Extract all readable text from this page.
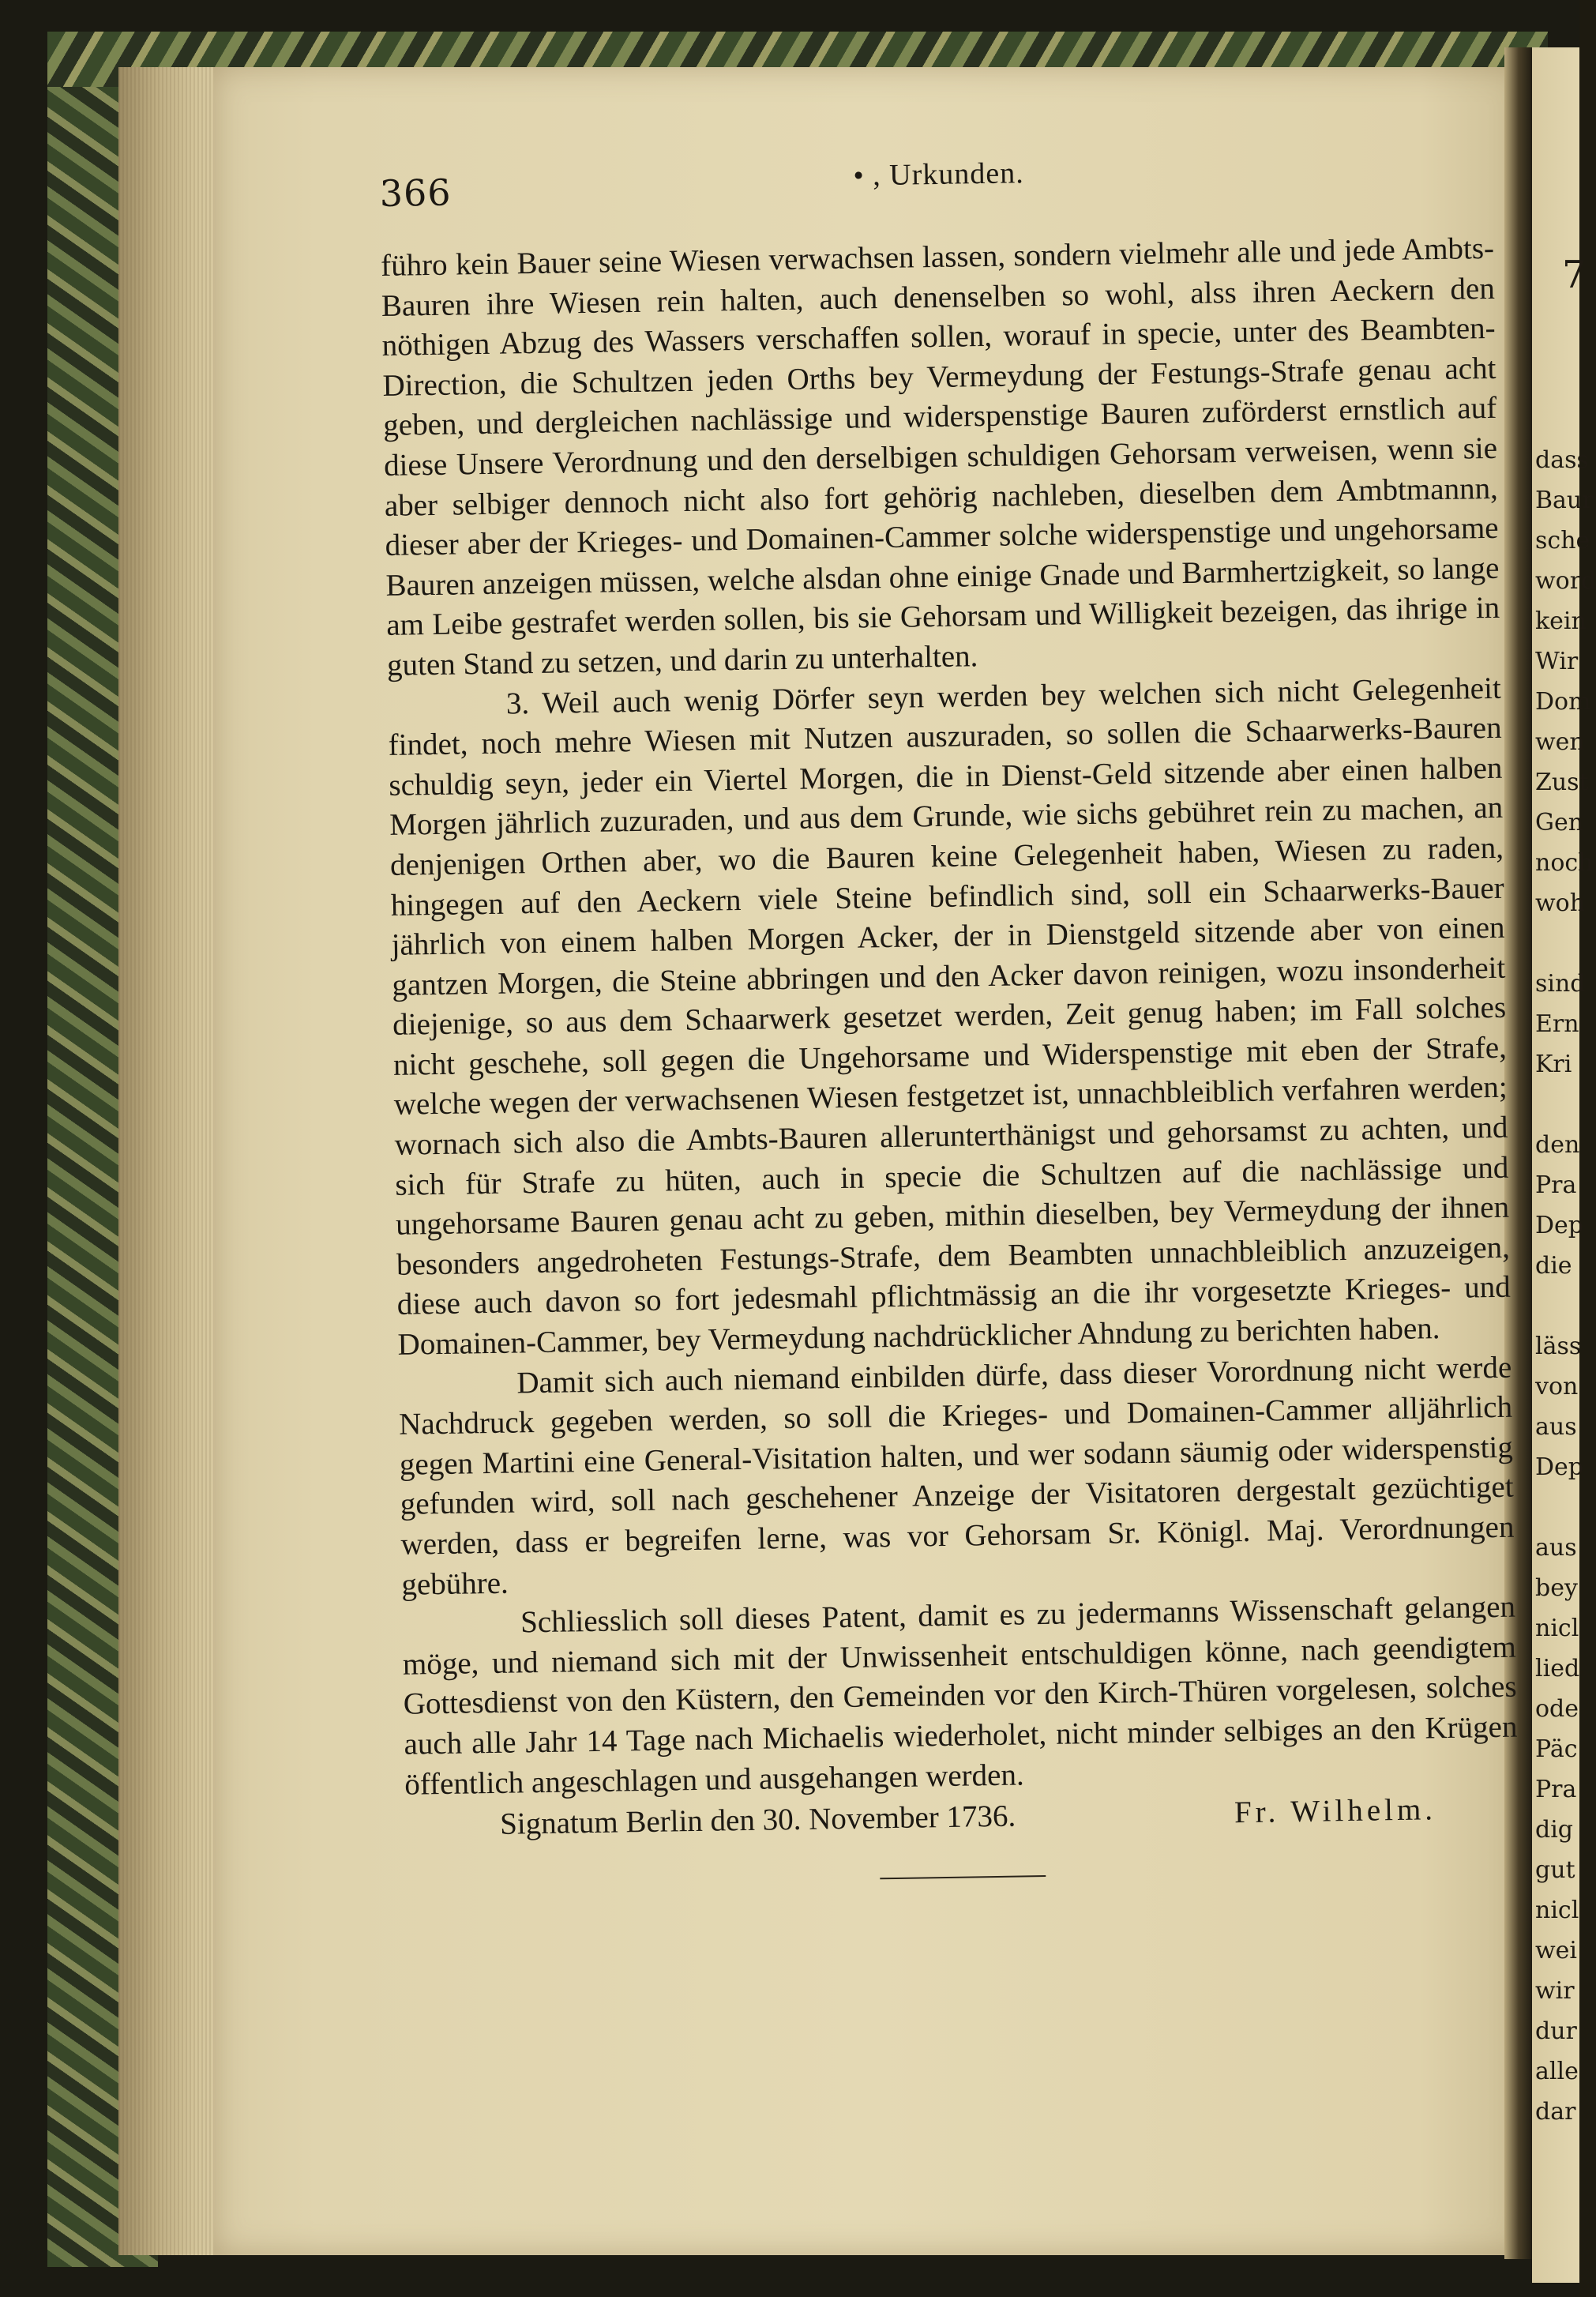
7
dass
Baur
sche
word
kein
Wir
Dom
wen
Zust
Gen
noch
woh
sind
Ern
Kri
den
Pra
Dep
die
läss
von
aus
Dep
aus
bey
nicl
lied
ode
Päc
Pra
dig
gut
nicl
wei
wir
dur
alle
dar
366	• , Urkunden.

führo kein Bauer seine Wiesen verwachsen lassen, sondern vielmehr alle und jede Ambts-Bauren ihre Wiesen rein halten, auch denenselben so wohl, alss ihren Aeckern den nöthigen Abzug des Wassers verschaffen sollen, worauf in specie, unter des Beambten-Direction, die Schultzen jeden Orths bey Vermeydung der Festungs-Strafe genau acht geben, und dergleichen nachlässige und widerspenstige Bauren zuförderst ernstlich auf diese Unsere Verordnung und den derselbigen schuldigen Gehorsam verweisen, wenn sie aber selbiger dennoch nicht also fort gehörig nachleben, dieselben dem Ambtmannn, dieser aber der Krieges- und Domainen-Cammer solche widerspenstige und ungehorsame Bauren anzeigen müssen, welche alsdan ohne einige Gnade und Barmhertzigkeit, so lange am Leibe gestrafet werden sollen, bis sie Gehorsam und Willigkeit bezeigen, das ihrige in guten Stand zu setzen, und darin zu unterhalten.

3. Weil auch wenig Dörfer seyn werden bey welchen sich nicht Gelegenheit findet, noch mehre Wiesen mit Nutzen auszuraden, so sollen die Schaarwerks-Bauren schuldig seyn, jeder ein Viertel Morgen, die in Dienst-Geld sitzende aber einen halben Morgen jährlich zuzuraden, und aus dem Grunde, wie sichs gebühret rein zu machen, an denjenigen Orthen aber, wo die Bauren keine Gelegenheit haben, Wiesen zu raden, hingegen auf den Aeckern viele Steine befindlich sind, soll ein Schaarwerks-Bauer jährlich von einem halben Morgen Acker, der in Dienstgeld sitzende aber von einen gantzen Morgen, die Steine abbringen und den Acker davon reinigen, wozu insonderheit diejenige, so aus dem Schaarwerk gesetzet werden, Zeit genug haben; im Fall solches nicht geschehe, soll gegen die Ungehorsame und Widerspenstige mit eben der Strafe, welche wegen der verwachsenen Wiesen festgetzet ist, unnachbleiblich verfahren werden; wornach sich also die Ambts-Bauren allerunterthänigst und gehorsamst zu achten, und sich für Strafe zu hüten, auch in specie die Schultzen auf die nachlässige und ungehorsame Bauren genau acht zu geben, mithin dieselben, bey Vermeydung der ihnen besonders angedroheten Festungs-Strafe, dem Beambten unnachbleiblich anzuzeigen, diese auch davon so fort jedesmahl pflichtmässig an die ihr vorgesetzte Krieges- und Domainen-Cammer, bey Vermeydung nachdrücklicher Ahndung zu berichten haben.

Damit sich auch niemand einbilden dürfe, dass dieser Vorordnung nicht werde Nachdruck gegeben werden, so soll die Krieges- und Domainen-Cammer alljährlich gegen Martini eine General-Visitation halten, und wer sodann säumig oder widerspenstig gefunden wird, soll nach geschehener Anzeige der Visitatoren dergestalt gezüchtiget werden, dass er begreifen lerne, was vor Gehorsam Sr. Königl. Maj. Verordnungen gebühre.

Schliesslich soll dieses Patent, damit es zu jedermanns Wissenschaft gelangen möge, und niemand sich mit der Unwissenheit entschuldigen könne, nach geendigtem Gottesdienst von den Küstern, den Gemeinden vor den Kirch-Thüren vorgelesen, solches auch alle Jahr 14 Tage nach Michaelis wiederholet, nicht minder selbiges an den Krügen öffentlich angeschlagen und ausgehangen werden.

Signatum Berlin den 30. November 1736.	Fr. Wilhelm.
